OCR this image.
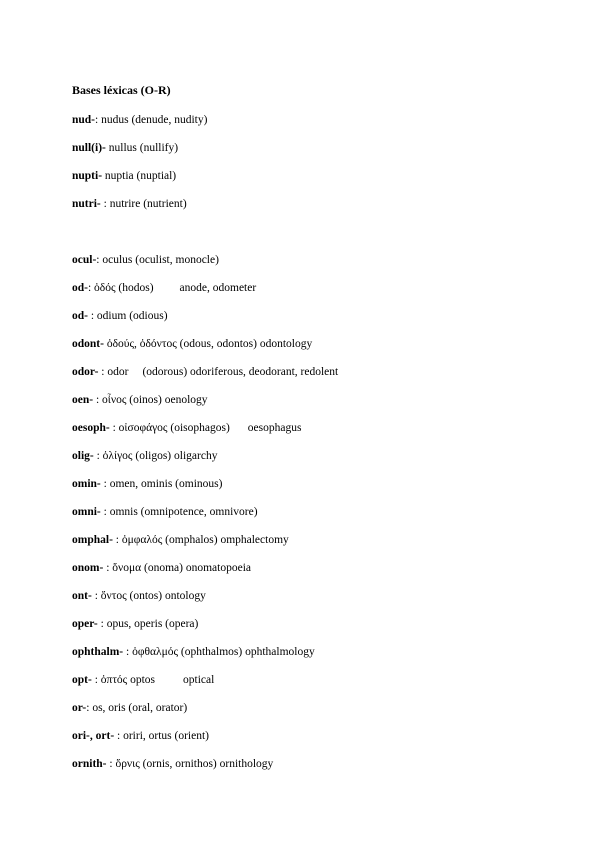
Bases léxicas (O-R)
nud-: nudus (denude, nudity)
null(i)- nullus (nullify)
nupti- nuptia (nuptial)
nutri- : nutrire (nutrient)
ocul-: oculus (oculist, monocle)
od-: ὁδός (hodos) anode, odometer
od- : odium (odious)
odont- ὀδούς, ὀδόντος (odous, odontos) odontology
odor- : odor (odorous) odoriferous, deodorant, redolent
oen- : οἶνος (oinos) oenology
oesoph- : οἰσοφάγος (oisophagos) oesophagus
olig- : ὀλίγος (oligos) oligarchy
omin- : omen, ominis (ominous)
omni- : omnis (omnipotence, omnivore)
omphal- : ὀμφαλός (omphalos) omphalectomy
onom- : ὄνομα (onoma) onomatopoeia
ont- : ὄντος (ontos) ontology
oper- : opus, operis (opera)
ophthalm- : ὀφθαλμός (ophthalmos) ophthalmology
opt- : ὀπτός optos optical
or-: os, oris (oral, orator)
ori-, ort- : oriri, ortus (orient)
ornith- : ὄρνις (ornis, ornithos) ornithology
